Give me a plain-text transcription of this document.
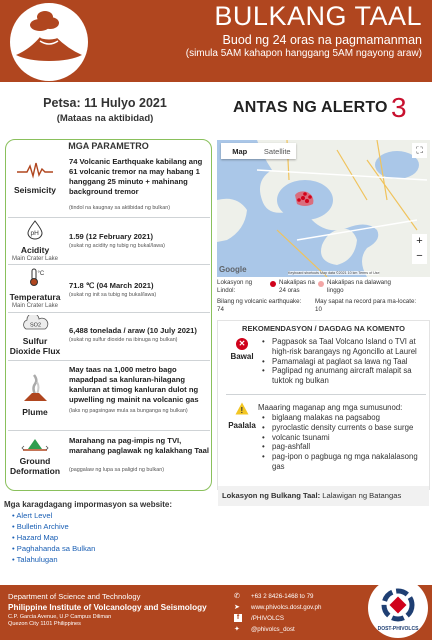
BULKANG TAAL
Buod ng 24 oras na pagmamanman
(simula 5AM kahapon hanggang 5AM ngayong araw)
Petsa: 11 Hulyo 2021
(Mataas na aktibidad)
ANTAS NG ALERTO 3
MGA PARAMETRO
Seismicity
74 Volcanic Earthquake kabilang ang 61 volcanic tremor na may habang 1 hanggang 25 minuto + mahinang background tremor
(tindol na kaugnay sa aktibidad ng bulkan)
pH
Acidity
Main Crater Lake
1.59 (12 February 2021)
(sukat ng acidity ng tubig ng bukal/lawa)
°C
Temperatura
Main Crater Lake
71.8 ℃ (04 March 2021)
(sukat ng init sa tubig ng bukal/lawa)
SO2
Sulfur Dioxide Flux
6,488 tonelada / araw (10 July 2021)
(sukat ng sulfur dioxide na ibinuga ng bulkan)
Plume
May taas na 1,000 metro bago mapadpad sa kanluran-hilagang kanluran at timog kanluran dulot ng upwelling ng mainit na volcanic gas
(laks ng pagsingaw mula sa bunganga ng bulkan)
Ground Deformation
Marahang na pag-impis ng TVI, marahang paglawak ng kalakhang Taal
(paggalaw ng lupa sa paligid ng bulkan)
Map	Satellite	⛶
+
−
Google	Keyboard shortcuts Map data ©2021 10 km Terms of Use
Lokasyon ng Lindol:
Nakalipas na 24 oras
Nakalipas na dalawang linggo
Bilang ng volcanic earthquake:
74
May sapat na record para ma-locate:
10
REKOMENDASYON / DAGDAG NA KOMENTO
✕
Bawal
• Pagpasok sa Taal Volcano Island o TVI at high-risk barangays ng Agoncillo at Laurel
• Pamamalagi at paglaot sa lawa ng Taal
• Paglipad ng anumang aircraft malapit sa tuktok ng bulkan
!
Paalala
Maaaring maganap ang mga sumusunod:
• biglaang malakas na pagsabog
• pyroclastic density currents o base surge
• volcanic tsunami
• pag-ashfall
• pag-ipon o pagbuga ng mga nakalalasong gas
Lokasyon ng Bulkang Taal: Lalawigan ng Batangas
Mga karagdagang impormasyon sa website:
• Alert Level
• Bulletin Archive
• Hazard Map
• Paghahanda sa Bulkan
• Talahulugan
Department of Science and Technology
Philippine Institute of Volcanology and Seismology
C.P. Garcia Avenue, U.P Campus Diliman
Quezon City 1101 Philippines
✆ +63 2 8426-1468 to 79
➤ www.phivolcs.dost.gov.ph
f	/PHIVOLCS
✦ @phivolcs_dost	DOST-PHIVOLCS
